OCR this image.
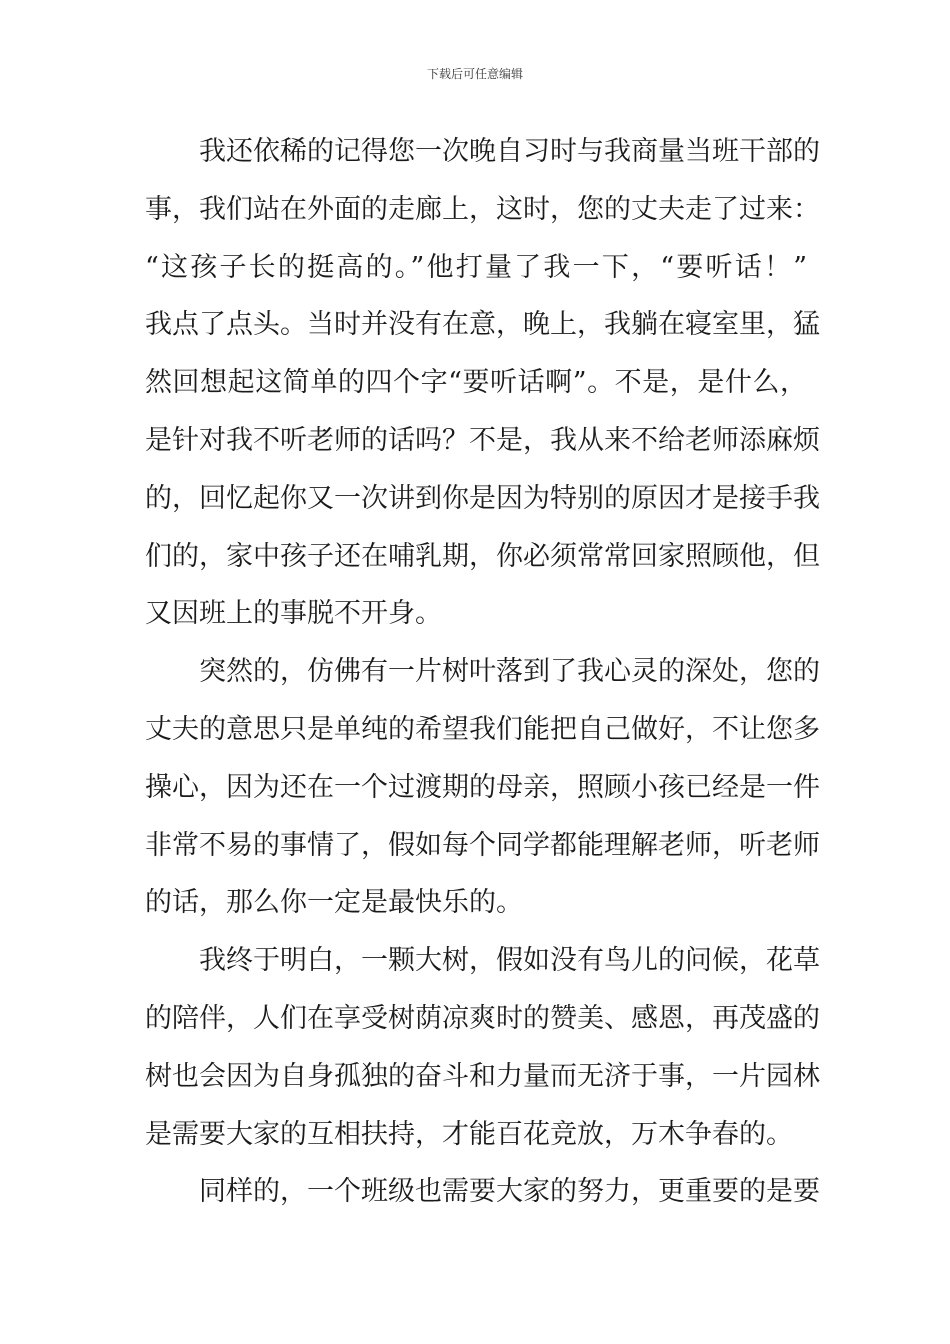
下载后可任意编辑
我还依稀的记得您一次晚自习时与我商量当班干部的
事，我们站在外面的走廊上，这时，您的丈夫走了过来：
“这孩子长的挺高的。”他打量了我一下，“要听话！”
我点了点头。当时并没有在意，晚上，我躺在寝室里，猛
然回想起这简单的四个字“要听话啊”。不是，是什么，
是针对我不听老师的话吗？不是，我从来不给老师添麻烦
的，回忆起你又一次讲到你是因为特别的原因才是接手我
们的，家中孩子还在哺乳期，你必须常常回家照顾他，但
又因班上的事脱不开身。
突然的，仿佛有一片树叶落到了我心灵的深处，您的
丈夫的意思只是单纯的希望我们能把自己做好，不让您多
操心，因为还在一个过渡期的母亲，照顾小孩已经是一件
非常不易的事情了，假如每个同学都能理解老师，听老师
的话，那么你一定是最快乐的。
我终于明白，一颗大树，假如没有鸟儿的问候，花草
的陪伴，人们在享受树荫凉爽时的赞美、感恩，再茂盛的
树也会因为自身孤独的奋斗和力量而无济于事，一片园林
是需要大家的互相扶持，才能百花竞放，万木争春的。
同样的，一个班级也需要大家的努力，更重要的是要
